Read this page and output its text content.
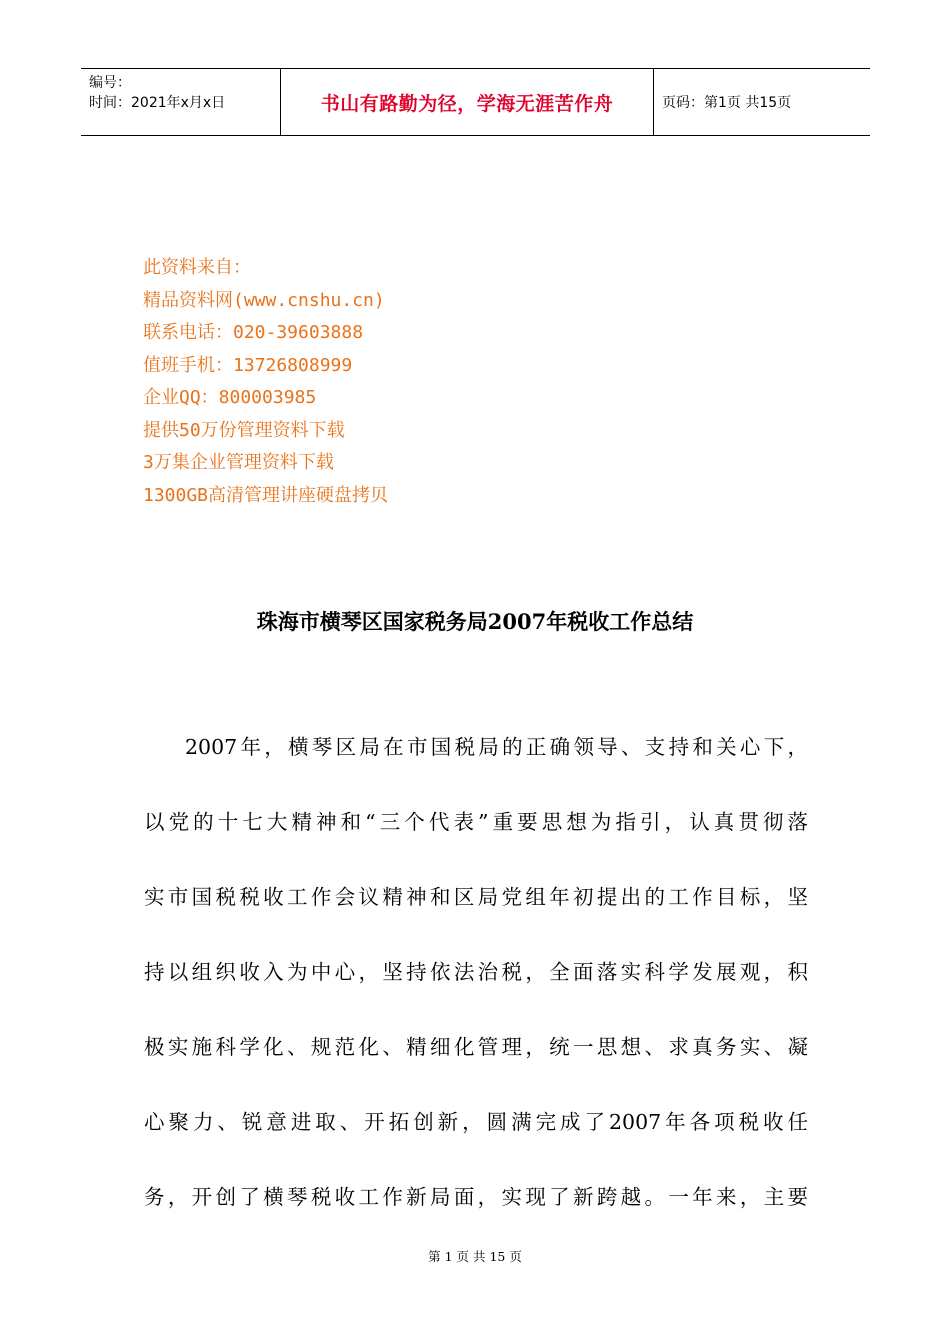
编号：
时间：2021年x月x日	书山有路勤为径，学海无涯苦作舟	页码：第1页 共15页
此资料来自：
精品资料网(www.cnshu.cn)
联系电话：020-39603888
值班手机：13726808999
企业QQ：800003985
提供50万份管理资料下载
3万集企业管理资料下载
1300GB高清管理讲座硬盘拷贝
珠海市横琴区国家税务局2007年税收工作总结
2007年，横琴区局在市国税局的正确领导、支持和关心下，
以党的十七大精神和“三个代表”重要思想为指引，认真贯彻落
实市国税税收工作会议精神和区局党组年初提出的工作目标，坚
持以组织收入为中心，坚持依法治税，全面落实科学发展观，积
极实施科学化、规范化、精细化管理，统一思想、求真务实、凝
心聚力、锐意进取、开拓创新，圆满完成了2007年各项税收任
务，开创了横琴税收工作新局面，实现了新跨越。一年来，主要
第 1 页 共 15 页
